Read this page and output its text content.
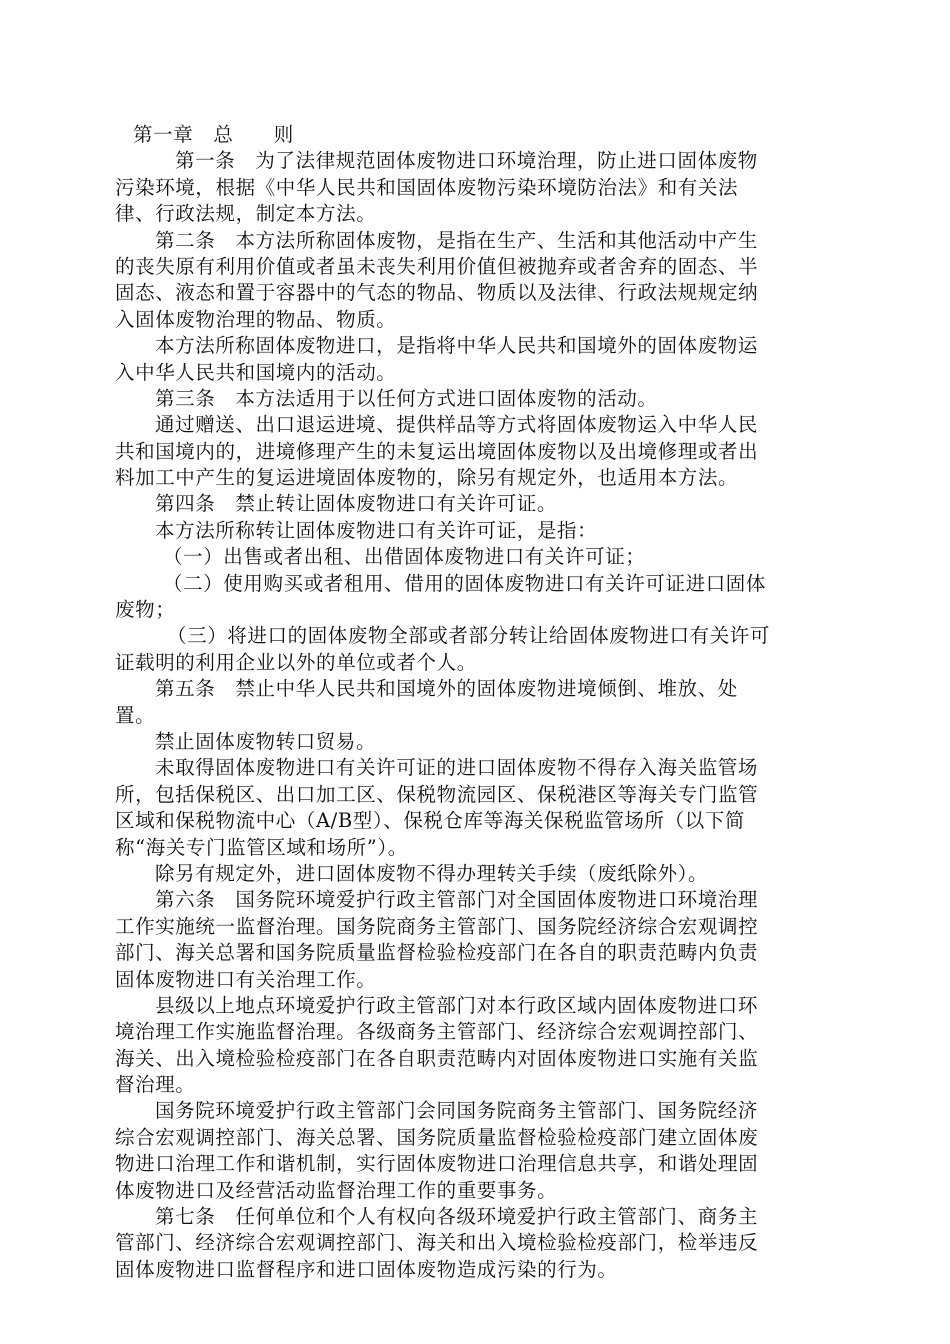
第一章　总　　则
第一条　为了法律规范固体废物进口环境治理，防止进口固体废物
污染环境，根据《中华人民共和国固体废物污染环境防治法》和有关法
律、行政法规，制定本方法。
第二条　本方法所称固体废物，是指在生产、生活和其他活动中产生
的丧失原有利用价值或者虽未丧失利用价值但被抛弃或者舍弃的固态、半
固态、液态和置于容器中的气态的物品、物质以及法律、行政法规规定纳
入固体废物治理的物品、物质。
本方法所称固体废物进口，是指将中华人民共和国境外的固体废物运
入中华人民共和国境内的活动。
第三条　本方法适用于以任何方式进口固体废物的活动。
通过赠送、出口退运进境、提供样品等方式将固体废物运入中华人民
共和国境内的，进境修理产生的未复运出境固体废物以及出境修理或者出
料加工中产生的复运进境固体废物的，除另有规定外，也适用本方法。
第四条　禁止转让固体废物进口有关许可证。
本方法所称转让固体废物进口有关许可证，是指：
（一）出售或者出租、出借固体废物进口有关许可证；
（二）使用购买或者租用、借用的固体废物进口有关许可证进口固体
废物；
（三）将进口的固体废物全部或者部分转让给固体废物进口有关许可
证载明的利用企业以外的单位或者个人。
第五条　禁止中华人民共和国境外的固体废物进境倾倒、堆放、处
置。
禁止固体废物转口贸易。
未取得固体废物进口有关许可证的进口固体废物不得存入海关监管场
所，包括保税区、出口加工区、保税物流园区、保税港区等海关专门监管
区域和保税物流中心（A/B型）、保税仓库等海关保税监管场所（以下简
称“海关专门监管区域和场所”）。
除另有规定外，进口固体废物不得办理转关手续（废纸除外）。
第六条　国务院环境爱护行政主管部门对全国固体废物进口环境治理
工作实施统一监督治理。国务院商务主管部门、国务院经济综合宏观调控
部门、海关总署和国务院质量监督检验检疫部门在各自的职责范畴内负责
固体废物进口有关治理工作。
县级以上地点环境爱护行政主管部门对本行政区域内固体废物进口环
境治理工作实施监督治理。各级商务主管部门、经济综合宏观调控部门、
海关、出入境检验检疫部门在各自职责范畴内对固体废物进口实施有关监
督治理。
国务院环境爱护行政主管部门会同国务院商务主管部门、国务院经济
综合宏观调控部门、海关总署、国务院质量监督检验检疫部门建立固体废
物进口治理工作和谐机制，实行固体废物进口治理信息共享，和谐处理固
体废物进口及经营活动监督治理工作的重要事务。
第七条　任何单位和个人有权向各级环境爱护行政主管部门、商务主
管部门、经济综合宏观调控部门、海关和出入境检验检疫部门，检举违反
固体废物进口监督程序和进口固体废物造成污染的行为。
